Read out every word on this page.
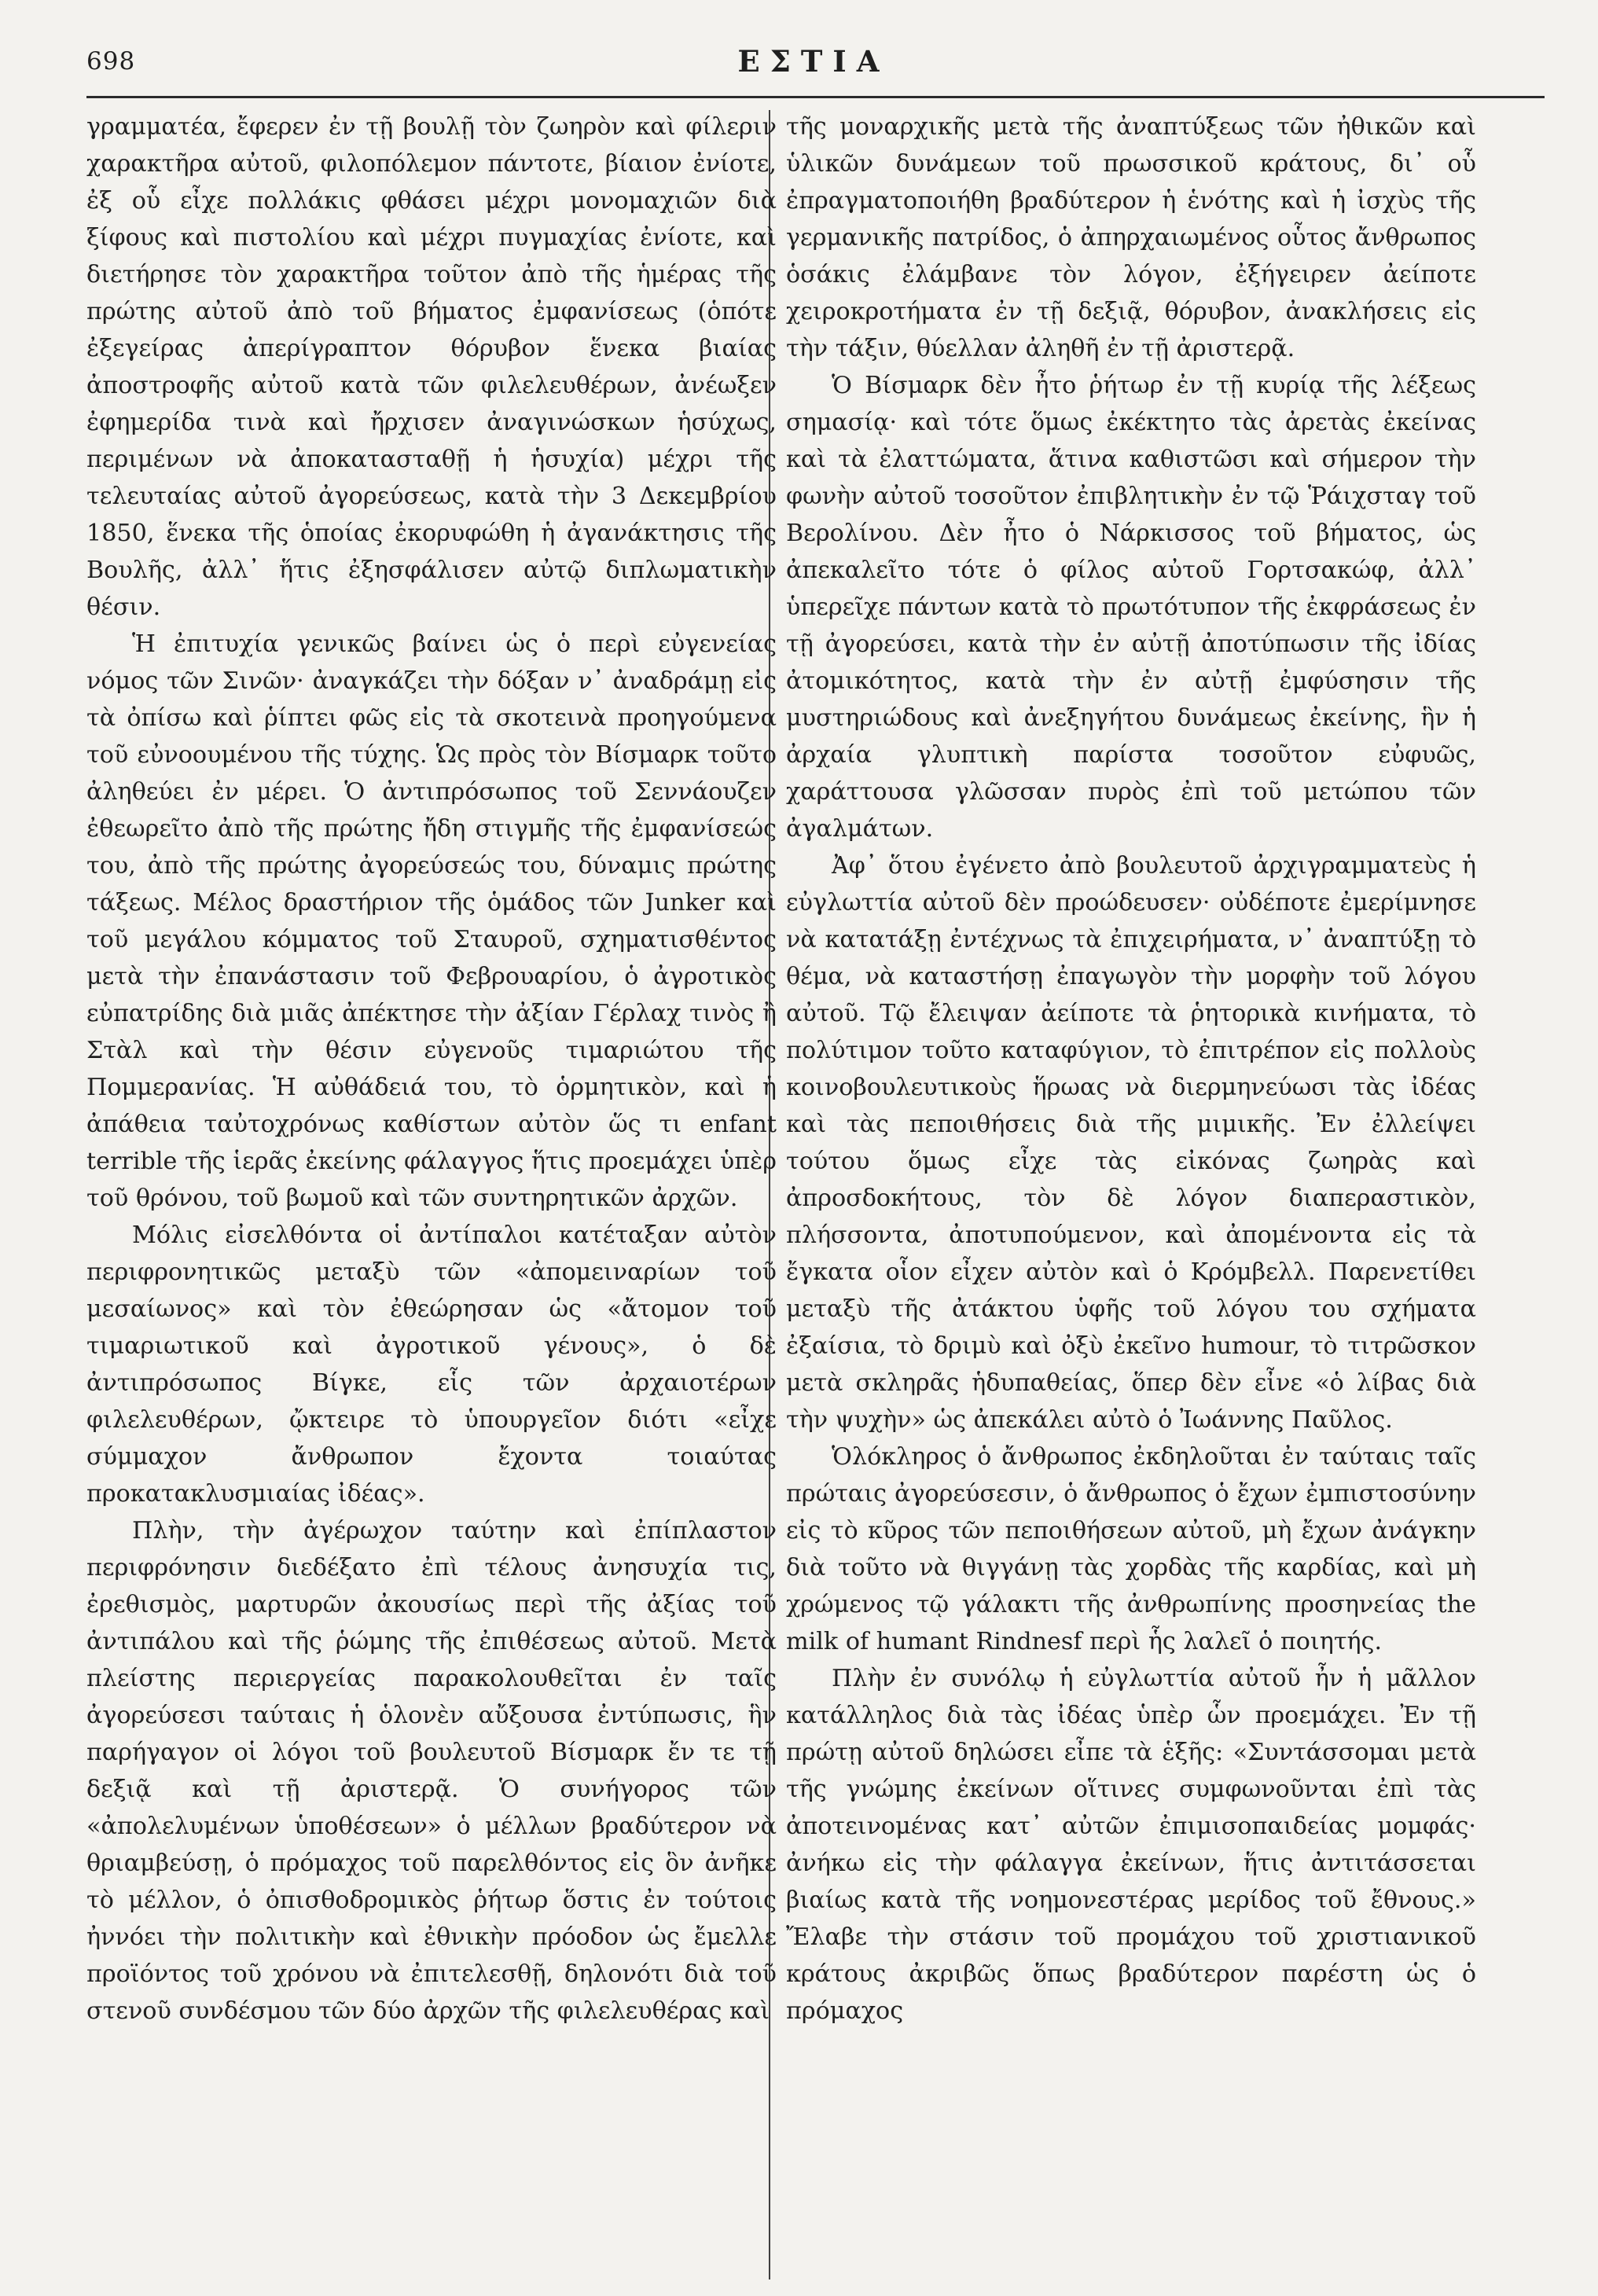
698	ΕΣΤΙΑ

γραμματέα, ἔφερεν ἐν τῇ βουλῇ τὸν ζωηρὸν καὶ φίλεριν χαρακτῆρα αὐτοῦ, φιλοπόλεμον πάντοτε, βίαιον ἐνίοτε, ἐξ οὗ εἶχε πολλάκις φθάσει μέχρι μονομαχιῶν διὰ ξίφους καὶ πιστολίου καὶ μέχρι πυγμαχίας ἐνίοτε, καὶ διετήρησε τὸν χαρακτῆρα τοῦτον ἀπὸ τῆς ἡμέρας τῆς πρώτης αὐτοῦ ἀπὸ τοῦ βήματος ἐμφανίσεως (ὁπότε ἐξεγείρας ἀπερίγραπτον θόρυβον ἕνεκα βιαίας ἀποστροφῆς αὐτοῦ κατὰ τῶν φιλελευθέρων, ἀνέωξεν ἐφημερίδα τινὰ καὶ ἤρχισεν ἀναγινώσκων ἡσύχως, περιμένων νὰ ἀποκατασταθῇ ἡ ἡσυχία) μέχρι τῆς τελευταίας αὐτοῦ ἀγορεύσεως, κατὰ τὴν 3 Δεκεμβρίου 1850, ἕνεκα τῆς ὁποίας ἐκορυφώθη ἡ ἀγανάκτησις τῆς Βουλῆς, ἀλλ᾽ ἥτις ἐξησφάλισεν αὐτῷ διπλωματικὴν θέσιν.

Ἡ ἐπιτυχία γενικῶς βαίνει ὡς ὁ περὶ εὐγενείας νόμος τῶν Σινῶν· ἀναγκάζει τὴν δόξαν ν᾽ ἀναδράμῃ εἰς τὰ ὀπίσω καὶ ῥίπτει φῶς εἰς τὰ σκοτεινὰ προηγούμενα τοῦ εὐνοουμένου τῆς τύχης. Ὡς πρὸς τὸν Βίσμαρκ τοῦτο ἀληθεύει ἐν μέρει. Ὁ ἀντιπρόσωπος τοῦ Σεννάουζεν ἐθεωρεῖτο ἀπὸ τῆς πρώτης ἤδη στιγμῆς τῆς ἐμφανίσεώς του, ἀπὸ τῆς πρώτης ἀγορεύσεώς του, δύναμις πρώτης τάξεως. Μέλος δραστήριον τῆς ὁμάδος τῶν Junker καὶ τοῦ μεγάλου κόμματος τοῦ Σταυροῦ, σχηματισθέντος μετὰ τὴν ἐπανάστασιν τοῦ Φεβρουαρίου, ὁ ἀγροτικὸς εὐπατρίδης διὰ μιᾶς ἀπέκτησε τὴν ἀξίαν Γέρλαχ τινὸς ἢ Στὰλ καὶ τὴν θέσιν εὐγενοῦς τιμαριώτου τῆς Πομμερανίας. Ἡ αὐθάδειά του, τὸ ὁρμητικὸν, καὶ ἡ ἀπάθεια ταὐτοχρόνως καθίστων αὐτὸν ὥς τι enfant terrible τῆς ἱερᾶς ἐκείνης φάλαγγος ἥτις προεμάχει ὑπὲρ τοῦ θρόνου, τοῦ βωμοῦ καὶ τῶν συντηρητικῶν ἀρχῶν.

Μόλις εἰσελθόντα οἱ ἀντίπαλοι κατέταξαν αὐτὸν περιφρονητικῶς μεταξὺ τῶν «ἀπομειναρίων τοῦ μεσαίωνος» καὶ τὸν ἐθεώρησαν ὡς «ἄτομον τοῦ τιμαριωτικοῦ καὶ ἀγροτικοῦ γένους», ὁ δὲ ἀντιπρόσωπος Βίγκε, εἷς τῶν ἀρχαιοτέρων φιλελευθέρων, ᾤκτειρε τὸ ὑπουργεῖον διότι «εἶχε σύμμαχον ἄνθρωπον ἔχοντα τοιαύτας προκατακλυσμιαίας ἰδέας».

Πλὴν, τὴν ἀγέρωχον ταύτην καὶ ἐπίπλαστον περιφρόνησιν διεδέξατο ἐπὶ τέλους ἀνησυχία τις, ἐρεθισμὸς, μαρτυρῶν ἀκουσίως περὶ τῆς ἀξίας τοῦ ἀντιπάλου καὶ τῆς ῥώμης τῆς ἐπιθέσεως αὐτοῦ. Μετὰ πλείστης περιεργείας παρακολουθεῖται ἐν ταῖς ἀγορεύσεσι ταύταις ἡ ὁλονὲν αὔξουσα ἐντύπωσις, ἣν παρήγαγον οἱ λόγοι τοῦ βουλευτοῦ Βίσμαρκ ἔν τε τῇ δεξιᾷ καὶ τῇ ἀριστερᾷ. Ὁ συνήγορος τῶν «ἀπολελυμένων ὑποθέσεων» ὁ μέλλων βραδύτερον νὰ θριαμβεύσῃ, ὁ πρόμαχος τοῦ παρελθόντος εἰς ὃν ἀνῆκε τὸ μέλλον, ὁ ὀπισθοδρομικὸς ῥήτωρ ὅστις ἐν τούτοις ἠννόει τὴν πολιτικὴν καὶ ἐθνικὴν πρόοδον ὡς ἔμελλε προϊόντος τοῦ χρόνου νὰ ἐπιτελεσθῇ, δηλονότι διὰ τοῦ στενοῦ συνδέσμου τῶν δύο ἀρχῶν τῆς φιλελευθέρας καὶ

τῆς μοναρχικῆς μετὰ τῆς ἀναπτύξεως τῶν ἠθικῶν καὶ ὑλικῶν δυνάμεων τοῦ πρωσσικοῦ κράτους, δι᾽ οὗ ἐπραγματοποιήθη βραδύτερον ἡ ἑνότης καὶ ἡ ἰσχὺς τῆς γερμανικῆς πατρίδος, ὁ ἀπηρχαιωμένος οὗτος ἄνθρωπος ὁσάκις ἐλάμβανε τὸν λόγον, ἐξήγειρεν ἀείποτε χειροκροτήματα ἐν τῇ δεξιᾷ, θόρυβον, ἀνακλήσεις εἰς τὴν τάξιν, θύελλαν ἀληθῆ ἐν τῇ ἀριστερᾷ.

Ὁ Βίσμαρκ δὲν ἦτο ῥήτωρ ἐν τῇ κυρίᾳ τῆς λέξεως σημασίᾳ· καὶ τότε ὅμως ἐκέκτητο τὰς ἀρετὰς ἐκείνας καὶ τὰ ἐλαττώματα, ἅτινα καθιστῶσι καὶ σήμερον τὴν φωνὴν αὐτοῦ τοσοῦτον ἐπιβλητικὴν ἐν τῷ Ῥάιχσταγ τοῦ Βερολίνου. Δὲν ἦτο ὁ Νάρκισσος τοῦ βήματος, ὡς ἀπεκαλεῖτο τότε ὁ φίλος αὐτοῦ Γορτσακώφ, ἀλλ᾽ ὑπερεῖχε πάντων κατὰ τὸ πρωτότυπον τῆς ἐκφράσεως ἐν τῇ ἀγορεύσει, κατὰ τὴν ἐν αὐτῇ ἀποτύπωσιν τῆς ἰδίας ἀτομικότητος, κατὰ τὴν ἐν αὐτῇ ἐμφύσησιν τῆς μυστηριώδους καὶ ἀνεξηγήτου δυνάμεως ἐκείνης, ἣν ἡ ἀρχαία γλυπτικὴ παρίστα τοσοῦτον εὐφυῶς, χαράττουσα γλῶσσαν πυρὸς ἐπὶ τοῦ μετώπου τῶν ἀγαλμάτων.

Ἀφ᾽ ὅτου ἐγένετο ἀπὸ βουλευτοῦ ἀρχιγραμματεὺς ἡ εὐγλωττία αὐτοῦ δὲν προώδευσεν· οὐδέποτε ἐμερίμνησε νὰ κατατάξῃ ἐντέχνως τὰ ἐπιχειρήματα, ν᾽ ἀναπτύξῃ τὸ θέμα, νὰ καταστήσῃ ἐπαγωγὸν τὴν μορφὴν τοῦ λόγου αὐτοῦ. Τῷ ἔλειψαν ἀείποτε τὰ ῥητορικὰ κινήματα, τὸ πολύτιμον τοῦτο καταφύγιον, τὸ ἐπιτρέπον εἰς πολλοὺς κοινοβουλευτικοὺς ἥρωας νὰ διερμηνεύωσι τὰς ἰδέας καὶ τὰς πεποιθήσεις διὰ τῆς μιμικῆς. Ἐν ἐλλείψει τούτου ὅμως εἶχε τὰς εἰκόνας ζωηρὰς καὶ ἀπροσδοκήτους, τὸν δὲ λόγον διαπεραστικὸν, πλήσσοντα, ἀποτυπούμενον, καὶ ἀπομένοντα εἰς τὰ ἔγκατα οἷον εἶχεν αὐτὸν καὶ ὁ Κρόμβελλ. Παρενετίθει μεταξὺ τῆς ἀτάκτου ὑφῆς τοῦ λόγου του σχήματα ἐξαίσια, τὸ δριμὺ καὶ ὀξὺ ἐκεῖνο humour, τὸ τιτρῶσκον μετὰ σκληρᾶς ἡδυπαθείας, ὅπερ δὲν εἶνε «ὁ λίβας διὰ τὴν ψυχὴν» ὡς ἀπεκάλει αὐτὸ ὁ Ἰωάννης Παῦλος.

Ὁλόκληρος ὁ ἄνθρωπος ἐκδηλοῦται ἐν ταύταις ταῖς πρώταις ἀγορεύσεσιν, ὁ ἄνθρωπος ὁ ἔχων ἐμπιστοσύνην εἰς τὸ κῦρος τῶν πεποιθήσεων αὐτοῦ, μὴ ἔχων ἀνάγκην διὰ τοῦτο νὰ θιγγάνῃ τὰς χορδὰς τῆς καρδίας, καὶ μὴ χρώμενος τῷ γάλακτι τῆς ἀνθρωπίνης προσηνείας the milk of humant Rindnesf περὶ ἧς λαλεῖ ὁ ποιητής.

Πλὴν ἐν συνόλῳ ἡ εὐγλωττία αὐτοῦ ἦν ἡ μᾶλλον κατάλληλος διὰ τὰς ἰδέας ὑπὲρ ὧν προεμάχει. Ἐν τῇ πρώτῃ αὐτοῦ δηλώσει εἶπε τὰ ἑξῆς: «Συντάσσομαι μετὰ τῆς γνώμης ἐκείνων οἵτινες συμφωνοῦνται ἐπὶ τὰς ἀποτεινομένας κατ᾽ αὐτῶν ἐπιμισοπαιδείας μομφάς· ἀνήκω εἰς τὴν φάλαγγα ἐκείνων, ἥτις ἀντιτάσσεται βιαίως κατὰ τῆς νοημονεστέρας μερίδος τοῦ ἔθνους.» Ἔλαβε τὴν στάσιν τοῦ προμάχου τοῦ χριστιανικοῦ κράτους ἀκριβῶς ὅπως βραδύτερον παρέστη ὡς ὁ πρόμαχος
